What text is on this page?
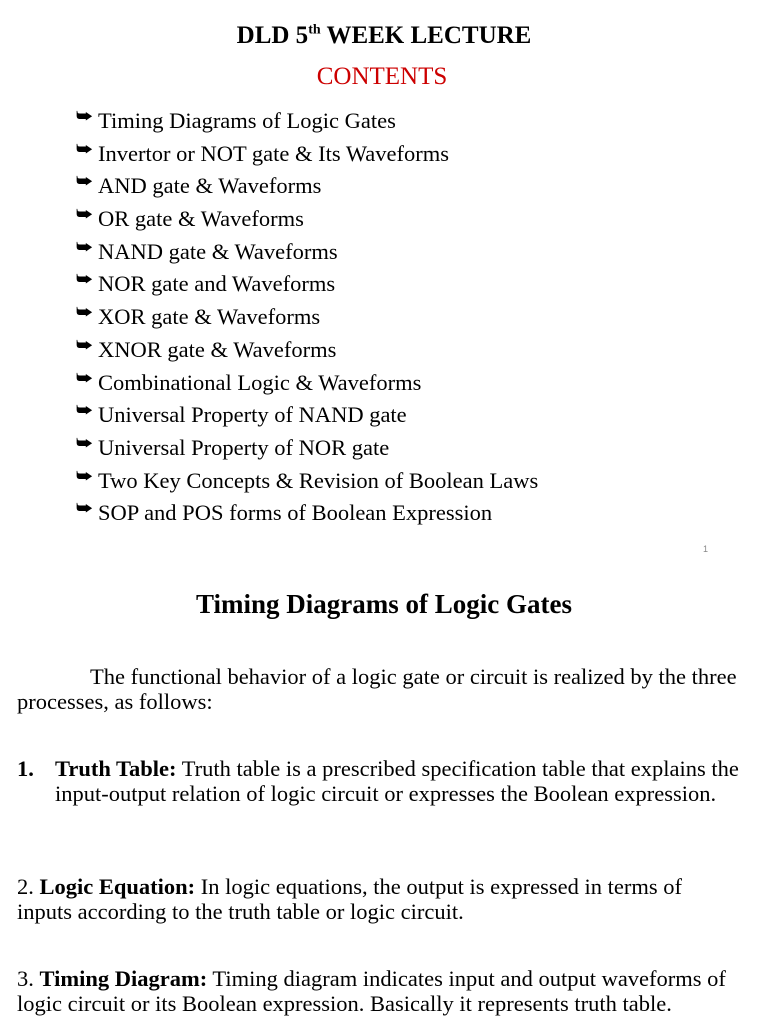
DLD 5th WEEK LECTURE
CONTENTS
⮩ Timing Diagrams of Logic Gates
⮩ Invertor or NOT gate & Its Waveforms
⮩ AND gate & Waveforms
⮩ OR gate & Waveforms
⮩ NAND gate & Waveforms
⮩ NOR gate and Waveforms
⮩ XOR gate & Waveforms
⮩ XNOR gate & Waveforms
⮩ Combinational Logic & Waveforms
⮩ Universal Property of NAND gate
⮩ Universal Property of NOR gate
⮩ Two Key Concepts & Revision of Boolean Laws
⮩ SOP and POS forms of Boolean Expression
1
Timing Diagrams of Logic Gates

The functional behavior of a logic gate or circuit is realized by the three processes, as follows:

1. Truth Table: Truth table is a prescribed specification table that explains the input-output relation of logic circuit or expresses the Boolean expression.

2. Logic Equation: In logic equations, the output is expressed in terms of inputs according to the truth table or logic circuit.

3. Timing Diagram: Timing diagram indicates input and output waveforms of logic circuit or its Boolean expression. Basically it represents truth table.
